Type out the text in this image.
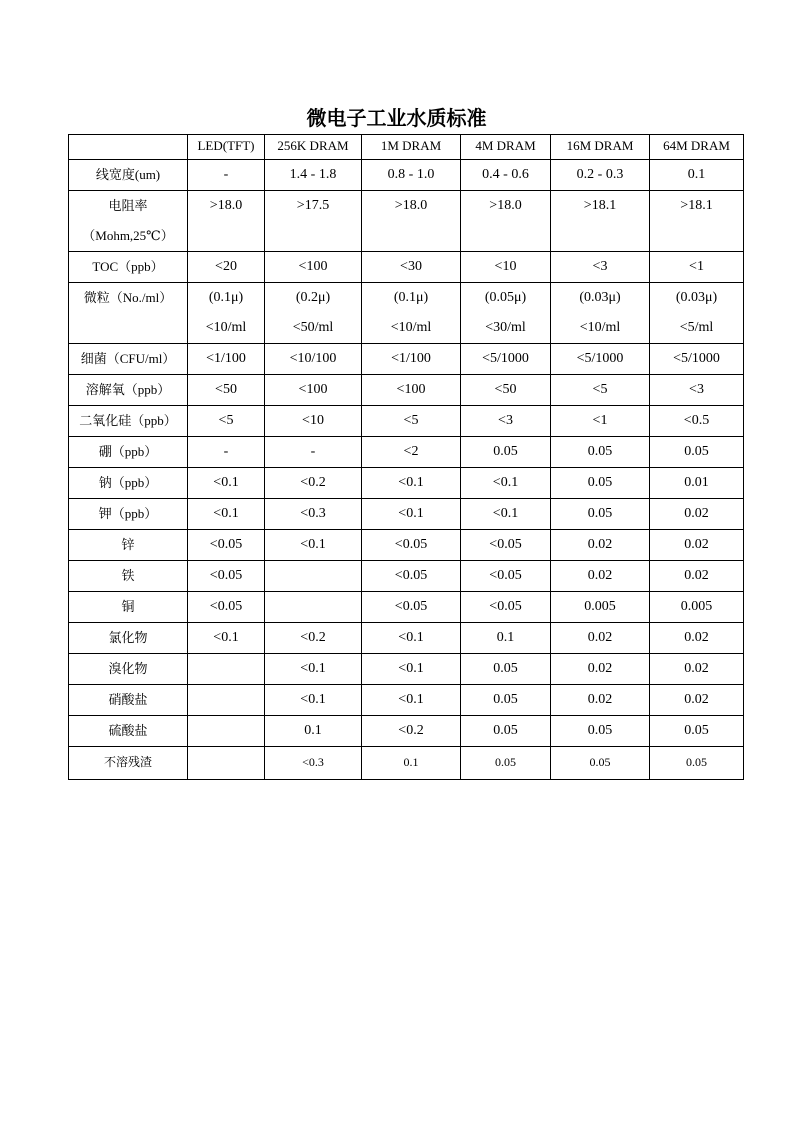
微电子工业水质标准
	LED(TFT)	256K DRAM	1M DRAM	4M DRAM	16M DRAM	64M DRAM

线宽度(um)	-	1.4 - 1.8	0.8 - 1.0	0.4 - 0.6	0.2 - 0.3	0.1

电阻率
（Mohm,25℃）

>18.0	>17.5	>18.0	>18.0	>18.1	>18.1

TOC（ppb）	<20	<100	<30	<10	<3	<1

微粒（No./ml）	(0.1μ)
<10/ml

(0.2μ)
<50/ml

(0.1μ)
<10/ml

(0.05μ)
<30/ml

(0.03μ)
<10/ml

(0.03μ)
<5/ml

细菌（CFU/ml）	<1/100	<10/100	<1/100	<5/1000	<5/1000	<5/1000

溶解氧（ppb）	<50	<100	<100	<50	<5	<3

二氧化硅（ppb）	<5	<10	<5	<3	<1	<0.5

硼（ppb）	-	-	<2	0.05	0.05	0.05

钠（ppb）	<0.1	<0.2	<0.1	<0.1	0.05	0.01

钾（ppb）	<0.1	<0.3	<0.1	<0.1	0.05	0.02

锌	<0.05	<0.1	<0.05	<0.05	0.02	0.02

铁	<0.05		<0.05	<0.05	0.02	0.02

铜	<0.05		<0.05	<0.05	0.005	0.005

氯化物	<0.1	<0.2	<0.1	0.1	0.02	0.02

溴化物		<0.1	<0.1	0.05	0.02	0.02

硝酸盐		<0.1	<0.1	0.05	0.02	0.02

硫酸盐		0.1	<0.2	0.05	0.05	0.05

不溶残渣		<0.3	0.1	0.05	0.05	0.05
